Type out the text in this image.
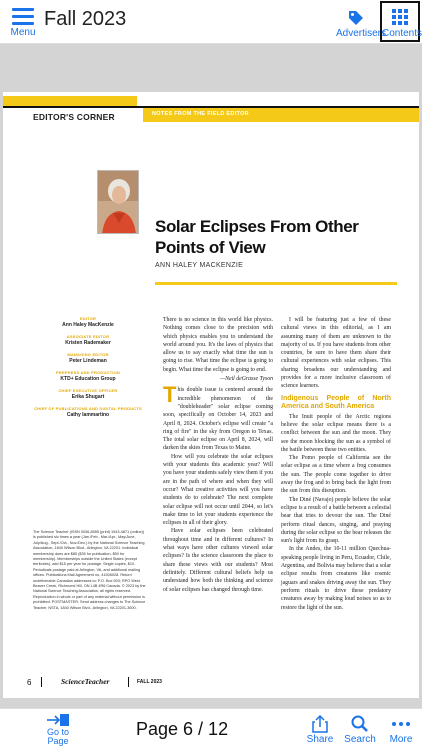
Menu
Fall 2023
Advertisers
Contents
EDITOR'S CORNER	NOTES FROM THE FIELD EDITOR
Solar Eclipses From Other Points of View
ANN HALEY MACKENZIE
EDITOR
Ann Haley MacKenzie
ASSOCIATE EDITOR
Kristen Rademaker
MANAGING EDITOR
Peter Lindeman
PREPRESS AND PRODUCTION
KTD+ Education Group
CHIEF EXECUTIVE OFFICER
Erika Shugart
CHIEF OF PUBLICATIONS AND DIGITAL PRODUCTS
Cathy Iammartino
The Science Teacher (ISSN 0036-8555 (print) 1943-4871 (online)) is published six times a year (Jan./Feb., Mar./Apr., May/June, July/Aug., Sept./Oct., Nov./Dec.) by the National Science Teaching Association, 1840 Wilson Blvd., Arlington, VA 22201. Individual membership dues are $85 ($35 for publication, $50 for membership). Memberships outside the United States (except territories), add $15 per year for postage. Single copies, $10. Periodicals postage paid at Arlington, VA, and additional mailing offices. Publications Mail Agreement no. 41506028. Return undeliverable Canadian addresses to: P.O. Box 503; RPO West Beaver Creek, Richmond Hill, ON L4B 4R6 Canada. © 2023 by the National Science Teaching Association, all rights reserved. Reproduction in whole or part of any material without permission is prohibited. POSTMASTER: Send address changes to The Science Teacher, NSTA, 1840 Wilson Blvd., Arlington, VA 22201-3000.

There is no science in this world like physics. Nothing comes close to the precision with which physics enables you to understand the world around you. It's the laws of physics that allow us to say exactly what time the sun is going to rise. What time the eclipse is going to begin. What time the eclipse is going to end.

—Neil deGrasse Tyson

This double issue is centered around the incredible phenomenon of the "doubleheader" solar eclipse coming soon, specifically on October 14, 2023 and April 8, 2024. October's eclipse will create "a ring of fire" in the sky from Oregon to Texas. The total solar eclipse on April 8, 2024, will darken the skies from Texas to Maine.

How will you celebrate the solar eclipses with your students this academic year? Will you have your students safely view them if you are in the path of where and when they will occur? What creative activities will you have students do to celebrate? The next complete solar eclipse will not occur until 2044, so let's make time to let your students experience the eclipses in all of their glory.

Have solar eclipses been celebrated throughout time and in different cultures? In what ways have other cultures viewed solar eclipses? Is the science classroom the place to share these views with our students? Most definitely. Different cultural beliefs help us understand how both the thinking and science of solar eclipses has changed through time.

I will be featuring just a few of these cultural views in this editorial, as I am assuming many of them are unknown to the majority of us. If you have students from other countries, be sure to have them share their cultural experiences with solar eclipses. This sharing broadens our understanding and provides for a more inclusive classroom of science learners.

Indigenous People of North America and South America

The Inuit people of the Arctic regions believe the solar eclipse means there is a conflict between the sun and the moon. They see the moon blocking the sun as a symbol of the battle between these two entities.

The Pomo people of California see the solar eclipse as a time where a frog consumes the sun. The people come together to drive away the frog and to bring back the light from the sun from this disruption.

The Diné (Navajo) people believe the solar eclipse is a result of a battle between a celestial bear that tries to devour the sun. The Diné perform ritual dances, singing, and praying during the solar eclipse so the bear releases the sun's light from its grasp.

In the Andes, the 10-11 million Quechua-speaking people living in Peru, Ecuador, Chile, Argentina, and Bolivia may believe that a solar eclipse results from creatures like cosmic jaguars and snakes driving away the sun. They perform rituals to drive these predatory creatures away by making loud noises so as to restore the light of the sun.

6	ScienceTeacher	FALL 2023
Go to Page
Page 6 / 12
Share	Search	More
